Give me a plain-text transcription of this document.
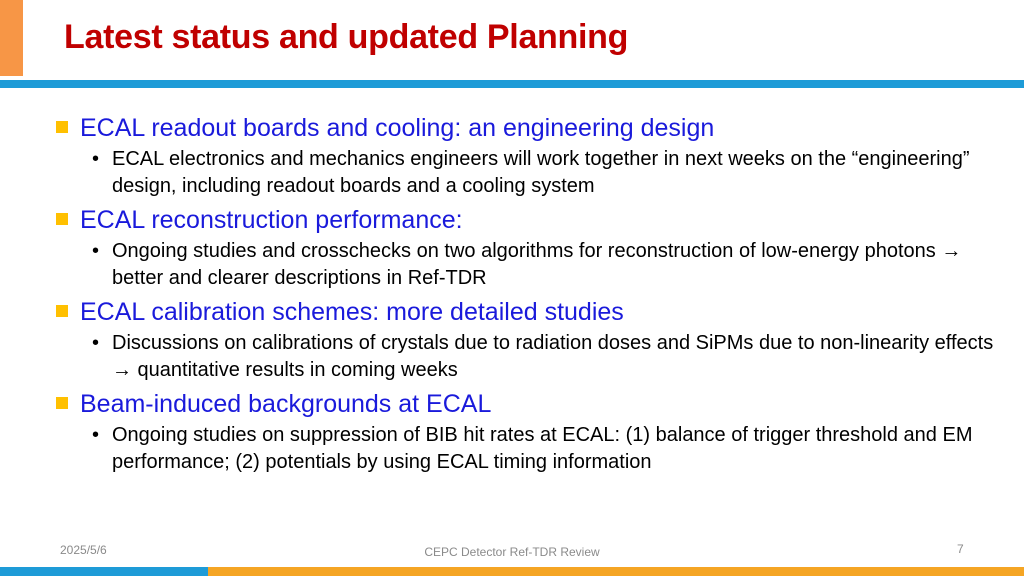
Latest status and updated Planning
ECAL readout boards and cooling: an engineering design
• ECAL electronics and mechanics engineers will work together in next weeks on the “engineering” design, including readout boards and a cooling system
ECAL reconstruction performance:
• Ongoing studies and crosschecks on two algorithms for reconstruction of low-energy photons → better and clearer descriptions in Ref-TDR
ECAL calibration schemes: more detailed studies
• Discussions on calibrations of crystals due to radiation doses and SiPMs due to non-linearity effects → quantitative results in coming weeks
Beam-induced backgrounds at ECAL
• Ongoing studies on suppression of BIB hit rates at ECAL: (1) balance of trigger threshold and EM performance; (2) potentials by using ECAL timing information
2025/5/6	CEPC Detector Ref-TDR Review	7
